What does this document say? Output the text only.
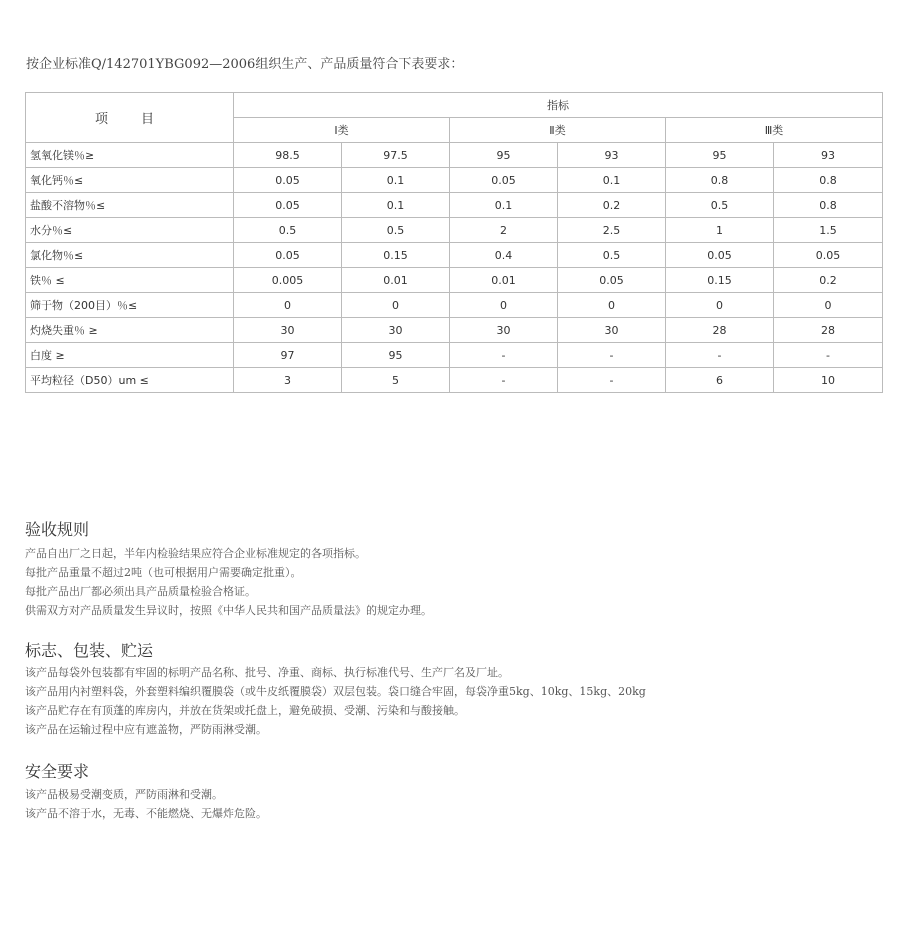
按企业标准Q/142701YBG092—2006组织生产、产品质量符合下表要求：
项　目	指标					
	Ⅰ类		Ⅱ类		Ⅲ类	
氢氧化镁％≥	98.5	97.5	95	93	95	93
氧化钙％≤	0.05	0.1	0.05	0.1	0.8	0.8
盐酸不溶物％≤	0.05	0.1	0.1	0.2	0.5	0.8
水分％≤	0.5	0.5	2	2.5	1	1.5
氯化物％≤	0.05	0.15	0.4	0.5	0.05	0.05
铁％ ≤	0.005	0.01	0.01	0.05	0.15	0.2
筛于物（200目）％≤	0	0	0	0	0	0
灼烧失重％ ≥	30	30	30	30	28	28
白度 ≥	97	95	-	-	-	-
平均粒径（D50）um ≤	3	5	-	-	6	10
验收规则
产品自出厂之日起，半年内检验结果应符合企业标准规定的各项指标。
每批产品重量不超过2吨（也可根据用户需要确定批重）。
每批产品出厂都必须出具产品质量检验合格证。
供需双方对产品质量发生异议时，按照《中华人民共和国产品质量法》的规定办理。
标志、包装、贮运
该产品每袋外包装都有牢固的标明产品名称、批号、净重、商标、执行标准代号、生产厂名及厂址。
该产品用内衬塑料袋，外套塑料编织覆膜袋（或牛皮纸覆膜袋）双层包装。袋口缝合牢固，每袋净重5kg、10kg、15kg、20kg
该产品贮存在有顶蓬的库房内，并放在货架或托盘上，避免破损、受潮、污染和与酸接触。
该产品在运输过程中应有遮盖物，严防雨淋受潮。
安全要求
该产品极易受潮变质，严防雨淋和受潮。
该产品不溶于水，无毒、不能燃烧、无爆炸危险。
